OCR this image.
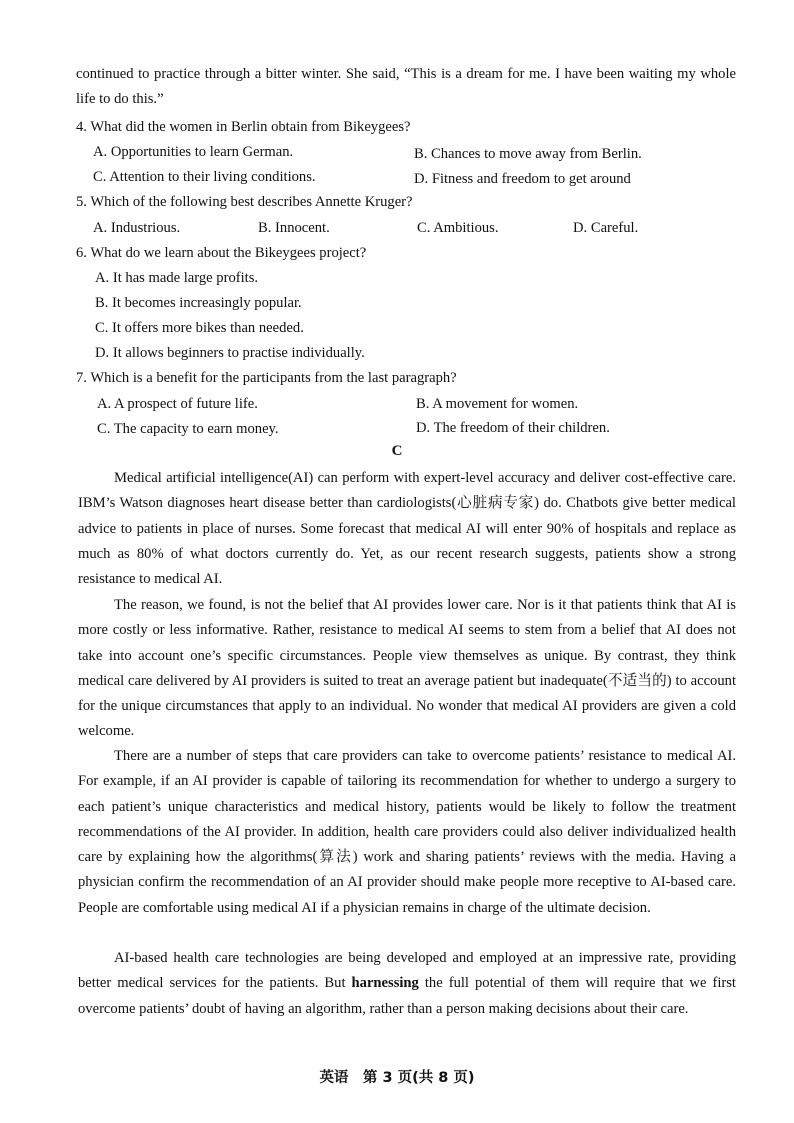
continued to practice through a bitter winter. She said, “This is a dream for me. I have been waiting my whole life to do this.”
4. What did the women in Berlin obtain from Bikeygees?
A. Opportunities to learn German.	B. Chances to move away from Berlin.
C. Attention to their living conditions.	D. Fitness and freedom to get around
5. Which of the following best describes Annette Kruger?
A. Industrious.	B. Innocent.	C. Ambitious.	D. Careful.
6. What do we learn about the Bikeygees project?
A. It has made large profits.
B. It becomes increasingly popular.
C. It offers more bikes than needed.
D. It allows beginners to practise individually.
7. Which is a benefit for the participants from the last paragraph?
A. A prospect of future life.	B. A movement for women.
C. The capacity to earn money.	D. The freedom of their children.
C
Medical artificial intelligence(AI) can perform with expert-level accuracy and deliver cost-effective care. IBM’s Watson diagnoses heart disease better than cardiologists(心脏病专家) do. Chatbots give better medical advice to patients in place of nurses. Some forecast that medical AI will enter 90% of hospitals and replace as much as 80% of what doctors currently do. Yet, as our recent research suggests, patients show a strong resistance to medical AI.
The reason, we found, is not the belief that AI provides lower care. Nor is it that patients think that AI is more costly or less informative. Rather, resistance to medical AI seems to stem from a belief that AI does not take into account one’s specific circumstances. People view themselves as unique. By contrast, they think medical care delivered by AI providers is suited to treat an average patient but inadequate(不适当的) to account for the unique circumstances that apply to an individual. No wonder that medical AI providers are given a cold welcome.
There are a number of steps that care providers can take to overcome patients’ resistance to medical AI. For example, if an AI provider is capable of tailoring its recommendation for whether to undergo a surgery to each patient’s unique characteristics and medical history, patients would be likely to follow the treatment recommendations of the AI provider. In addition, health care providers could also deliver individualized health care by explaining how the algorithms(算法) work and sharing patients’ reviews with the media. Having a physician confirm the recommendation of an AI provider should make people more receptive to AI-based care. People are comfortable using medical AI if a physician remains in charge of the ultimate decision.
AI-based health care technologies are being developed and employed at an impressive rate, providing better medical services for the patients. But harnessing the full potential of them will require that we first overcome patients’ doubt of having an algorithm, rather than a person making decisions about their care.
英语　第 3 页(共 8 页)
